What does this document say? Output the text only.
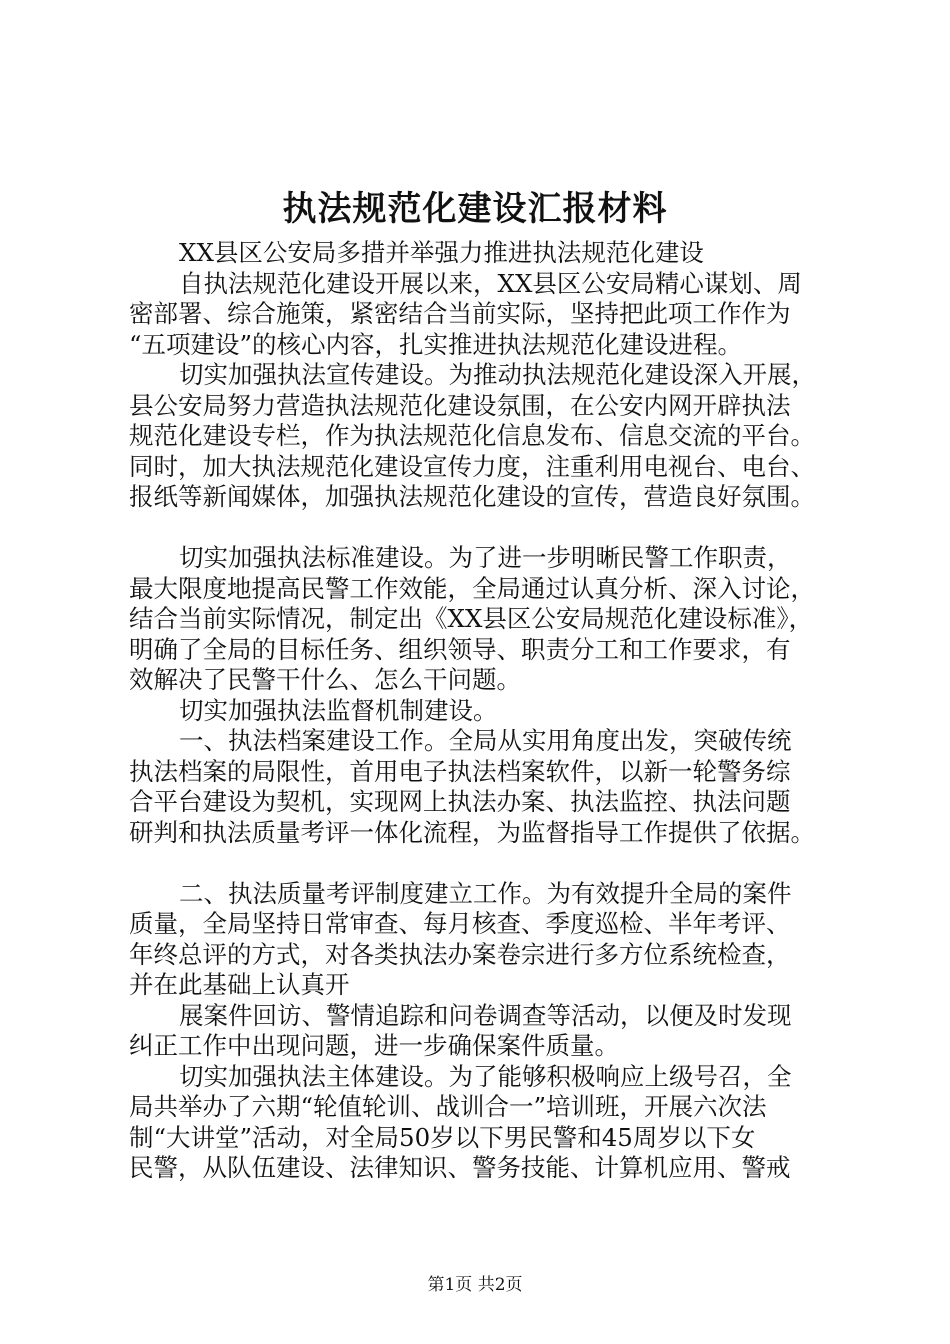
执法规范化建设汇报材料
XX县区公安局多措并举强力推进执法规范化建设
自执法规范化建设开展以来，XX县区公安局精心谋划、周
密部署、综合施策，紧密结合当前实际，坚持把此项工作作为
“五项建设”的核心内容，扎实推进执法规范化建设进程。
切实加强执法宣传建设。为推动执法规范化建设深入开展，
县公安局努力营造执法规范化建设氛围，在公安内网开辟执法
规范化建设专栏，作为执法规范化信息发布、信息交流的平台。
同时，加大执法规范化建设宣传力度，注重利用电视台、电台、
报纸等新闻媒体，加强执法规范化建设的宣传，营造良好氛围。
切实加强执法标准建设。为了进一步明晰民警工作职责，
最大限度地提高民警工作效能，全局通过认真分析、深入讨论，
结合当前实际情况，制定出《XX县区公安局规范化建设标准》，
明确了全局的目标任务、组织领导、职责分工和工作要求，有
效解决了民警干什么、怎么干问题。
切实加强执法监督机制建设。
一、执法档案建设工作。全局从实用角度出发，突破传统
执法档案的局限性，首用电子执法档案软件，以新一轮警务综
合平台建设为契机，实现网上执法办案、执法监控、执法问题
研判和执法质量考评一体化流程，为监督指导工作提供了依据。
二、执法质量考评制度建立工作。为有效提升全局的案件
质量，全局坚持日常审查、每月核查、季度巡检、半年考评、
年终总评的方式，对各类执法办案卷宗进行多方位系统检查，
并在此基础上认真开
展案件回访、警情追踪和问卷调查等活动，以便及时发现
纠正工作中出现问题，进一步确保案件质量。
切实加强执法主体建设。为了能够积极响应上级号召，全
局共举办了六期“轮值轮训、战训合一”培训班，开展六次法
制“大讲堂”活动，对全局50岁以下男民警和45周岁以下女
民警，从队伍建设、法律知识、警务技能、计算机应用、警戒
第1页 共2页
